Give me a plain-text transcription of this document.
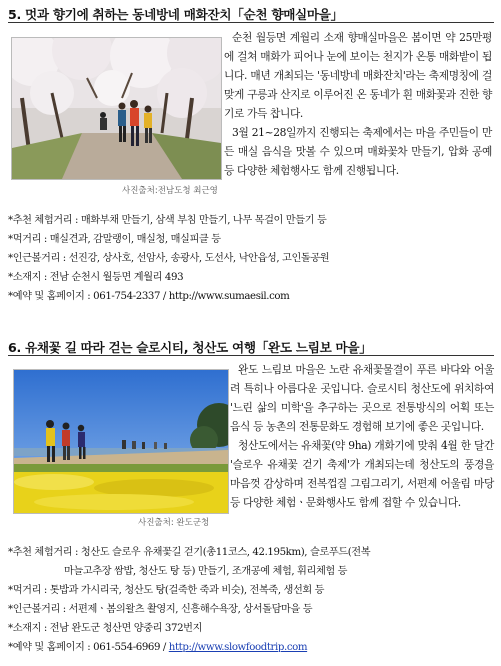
5. 멋과 향기에 취하는 동네방네 매화잔치「순천 향매실마을」
사진출처:전남도청 최근영

순천 월등면 계월리 소재 향매실마을은 봄이면 약 25만평에 걸쳐 매화가 피어나 눈에 보이는 천지가 온통 매화밭이 됩니다. 매년 개최되는 '동네방네 매화잔치'라는 축제명칭에 걸맞게 구릉과 산지로 이루어진 온 동네가 흰 매화꽃과 진한 향기로 가득 찹니다.

3월 21~28일까지 진행되는 축제에서는 마을 주민들이 만든 매실 음식을 맛볼 수 있으며 매화꽃차 만들기, 압화 공예 등 다양한 체험행사도 함께 진행됩니다.

*추천 체험거리 : 매화부채 만들기, 삼색 부침 만들기, 나무 목걸이 만들기 등
*먹거리 : 매실견과, 감말랭이, 매실청, 매실피클 등
*인근볼거리 : 선진강, 상사호, 선암사, 송광사, 도선사, 낙안읍성, 고인돌공원
*소재지 : 전남 순천시 월등면 계월리 493
*예약 및 홈페이지 : 061-754-2337 / http://www.sumaesil.com
6. 유채꽃 길 따라 걷는 슬로시티, 청산도 여행「완도 느림보 마을」
사진출처: 완도군청

완도 느림보 마을은 노란 유채꽃물결이 푸른 바다와 어울려 특히나 아름다운 곳입니다. 슬로시티 청산도에 위치하여 '느린 삶의 미학'을 추구하는 곳으로 전통방식의 어획 또는 음식 등 농촌의 전통문화도 경험해 보기에 좋은 곳입니다.

청산도에서는 유채꽃(약 9ha) 개화기에 맞춰 4월 한 달간 '슬로우 유채꽃 걷기 축제'가 개최되는데 청산도의 풍경을 마음껏 감상하며 전복껍질 그림그리기, 서편제 어울림 마당 등 다양한 체험ㆍ문화행사도 함께 접할 수 있습니다.

*추천 체험거리 : 청산도 슬로우 유채꽃길 걷기(총11코스, 42.195km), 슬로푸드(전복
마늘고추장 쌈밥, 청산도 탕 등) 만들기, 조개공예 체험, 휘리체험 등
*먹거리 : 톳밥과 가시리국, 청산도 탕(걸죽한 죽과 비슷), 전복죽, 생선회 등
*인근볼거리 : 서편제ㆍ봄의왈츠 촬영지, 신흥해수욕장, 상서돌담마을 등
*소재지 : 전남 완도군 청산면 양중리 372번지
*예약 및 홈페이지 : 061-554-6969 / http://www.slowfoodtrip.com
